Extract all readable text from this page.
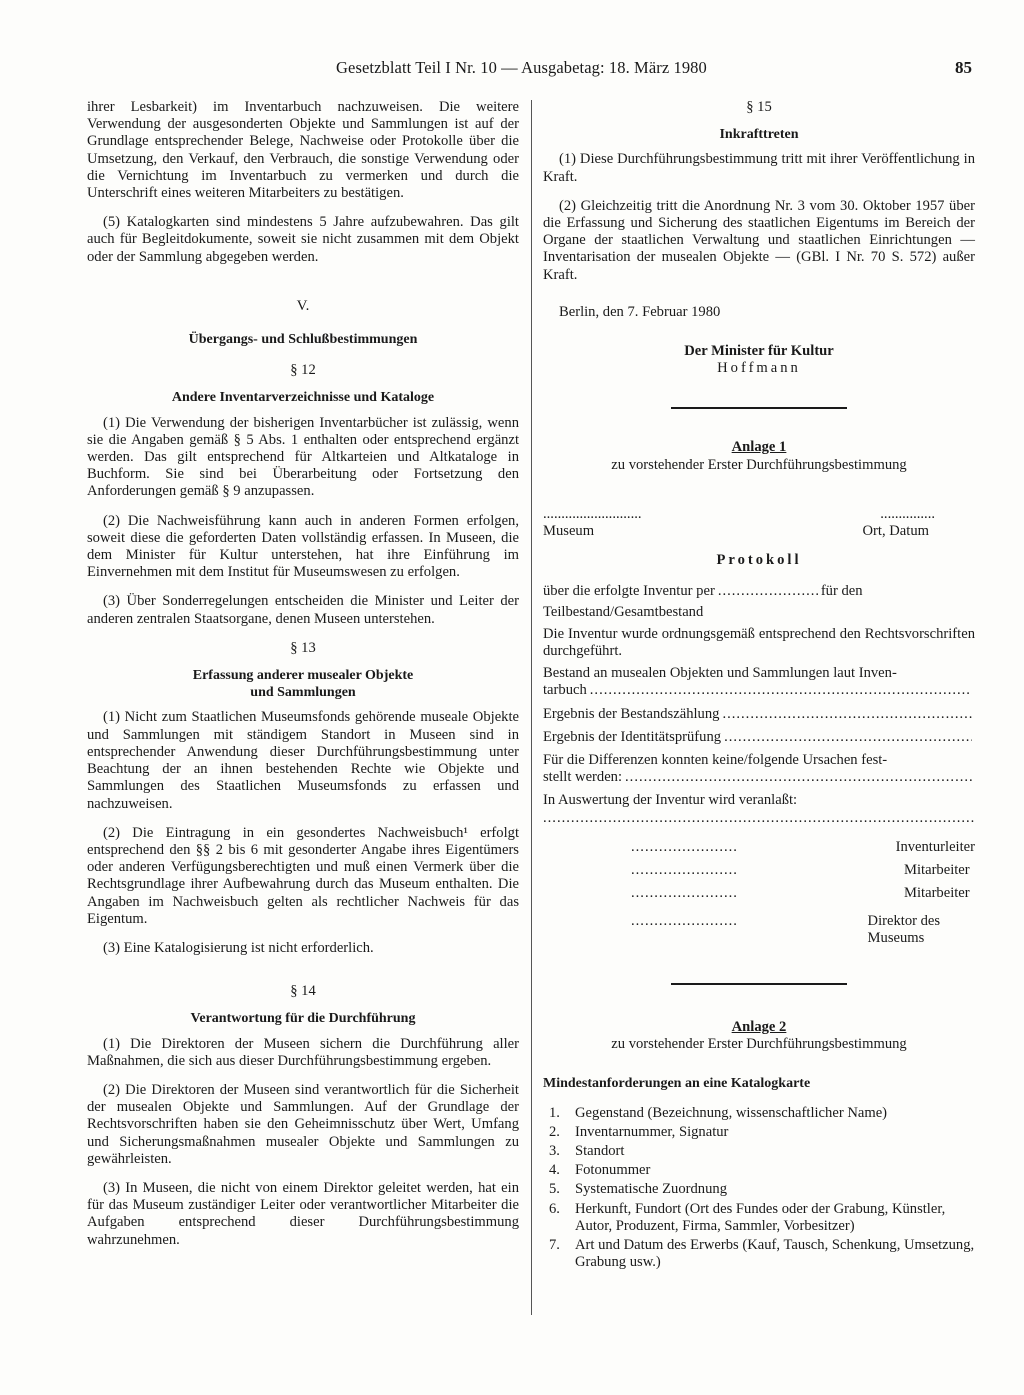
Gesetzblatt Teil I Nr. 10 — Ausgabetag: 18. März 1980	85

ihrer Lesbarkeit) im Inventarbuch nachzuweisen. Die weitere Verwendung der ausgesonderten Objekte und Sammlungen ist auf der Grundlage entsprechender Belege, Nachweise oder Protokolle über die Umsetzung, den Verkauf, den Verbrauch, die sonstige Verwendung oder die Vernichtung im Inventarbuch zu vermerken und durch die Unterschrift eines weiteren Mitarbeiters zu bestätigen.

(5) Katalogkarten sind mindestens 5 Jahre aufzubewahren. Das gilt auch für Begleitdokumente, soweit sie nicht zusammen mit dem Objekt oder der Sammlung abgegeben werden.

V.
Übergangs- und Schlußbestimmungen
§ 12
Andere Inventarverzeichnisse und Kataloge

(1) Die Verwendung der bisherigen Inventarbücher ist zulässig, wenn sie die Angaben gemäß § 5 Abs. 1 enthalten oder entsprechend ergänzt werden. Das gilt entsprechend für Altkarteien und Altkataloge in Buchform. Sie sind bei Überarbeitung oder Fortsetzung den Anforderungen gemäß § 9 anzupassen.

(2) Die Nachweisführung kann auch in anderen Formen erfolgen, soweit diese die geforderten Daten vollständig erfassen. In Museen, die dem Minister für Kultur unterstehen, hat ihre Einführung im Einvernehmen mit dem Institut für Museumswesen zu erfolgen.

(3) Über Sonderregelungen entscheiden die Minister und Leiter der anderen zentralen Staatsorgane, denen Museen unterstehen.

§ 13
Erfassung anderer musealer Objekte
und Sammlungen

(1) Nicht zum Staatlichen Museumsfonds gehörende museale Objekte und Sammlungen mit ständigem Standort in Museen sind in entsprechender Anwendung dieser Durchführungsbestimmung unter Beachtung der an ihnen bestehenden Rechte wie Objekte und Sammlungen des Staatlichen Museumsfonds zu erfassen und nachzuweisen.

(2) Die Eintragung in ein gesondertes Nachweisbuch¹ erfolgt entsprechend den §§ 2 bis 6 mit gesonderter Angabe ihres Eigentümers oder anderen Verfügungsberechtigten und muß einen Vermerk über die Rechtsgrundlage ihrer Aufbewahrung durch das Museum enthalten. Die Angaben im Nachweisbuch gelten als rechtlicher Nachweis für das Eigentum.

(3) Eine Katalogisierung ist nicht erforderlich.

§ 14
Verantwortung für die Durchführung

(1) Die Direktoren der Museen sichern die Durchführung aller Maßnahmen, die sich aus dieser Durchführungsbestimmung ergeben.

(2) Die Direktoren der Museen sind verantwortlich für die Sicherheit der musealen Objekte und Sammlungen. Auf der Grundlage der Rechtsvorschriften haben sie den Geheimnisschutz über Wert, Umfang und Sicherungsmaßnahmen musealer Objekte und Sammlungen zu gewährleisten.

(3) In Museen, die nicht von einem Direktor geleitet werden, hat ein für das Museum zuständiger Leiter oder verantwortlicher Mitarbeiter die Aufgaben entsprechend dieser Durchführungsbestimmung wahrzunehmen.

§ 15
Inkrafttreten

(1) Diese Durchführungsbestimmung tritt mit ihrer Veröffentlichung in Kraft.

(2) Gleichzeitig tritt die Anordnung Nr. 3 vom 30. Oktober 1957 über die Erfassung und Sicherung des staatlichen Eigentums im Bereich der Organe der staatlichen Verwaltung und staatlichen Einrichtungen — Inventarisation der musealen Objekte — (GBl. I Nr. 70 S. 572) außer Kraft.

Berlin, den 7. Februar 1980

Der Minister für Kultur
Hoffmann
Anlage 1
zu vorstehender Erster Durchführungsbestimmung
...........................	...............
Museum	Ort, Datum
Protokoll
über die erfolgte Inventur per
.....	für den

Teilbestand/Gesamtbestand

Die Inventur wurde ordnungsgemäß entsprechend den Rechtsvorschriften durchgeführt.

Bestand an musealen Objekten und Sammlungen laut Inven-

tarbuch
.....
Ergebnis der Bestandszählung
.....
Ergebnis der Identitätsprüfung
.....

Für die Differenzen konnten keine/folgende Ursachen fest-

stellt werden:
.....
In Auswertung der Inventur wird veranlaßt:
.....
.......................	Inventurleiter
.......................	Mitarbeiter
.......................	Mitarbeiter
.......................	Direktor des Museums
Anlage 2
zu vorstehender Erster Durchführungsbestimmung
Mindestanforderungen an eine Katalogkarte
1.	Gegenstand (Bezeichnung, wissenschaftlicher Name)
2.	Inventarnummer, Signatur
3.	Standort
4.	Fotonummer
5.	Systematische Zuordnung
6.	Herkunft, Fundort (Ort des Fundes oder der Grabung, Künstler, Autor, Produzent, Firma, Sammler, Vorbesitzer)
7.	Art und Datum des Erwerbs (Kauf, Tausch, Schenkung, Umsetzung, Grabung usw.)
